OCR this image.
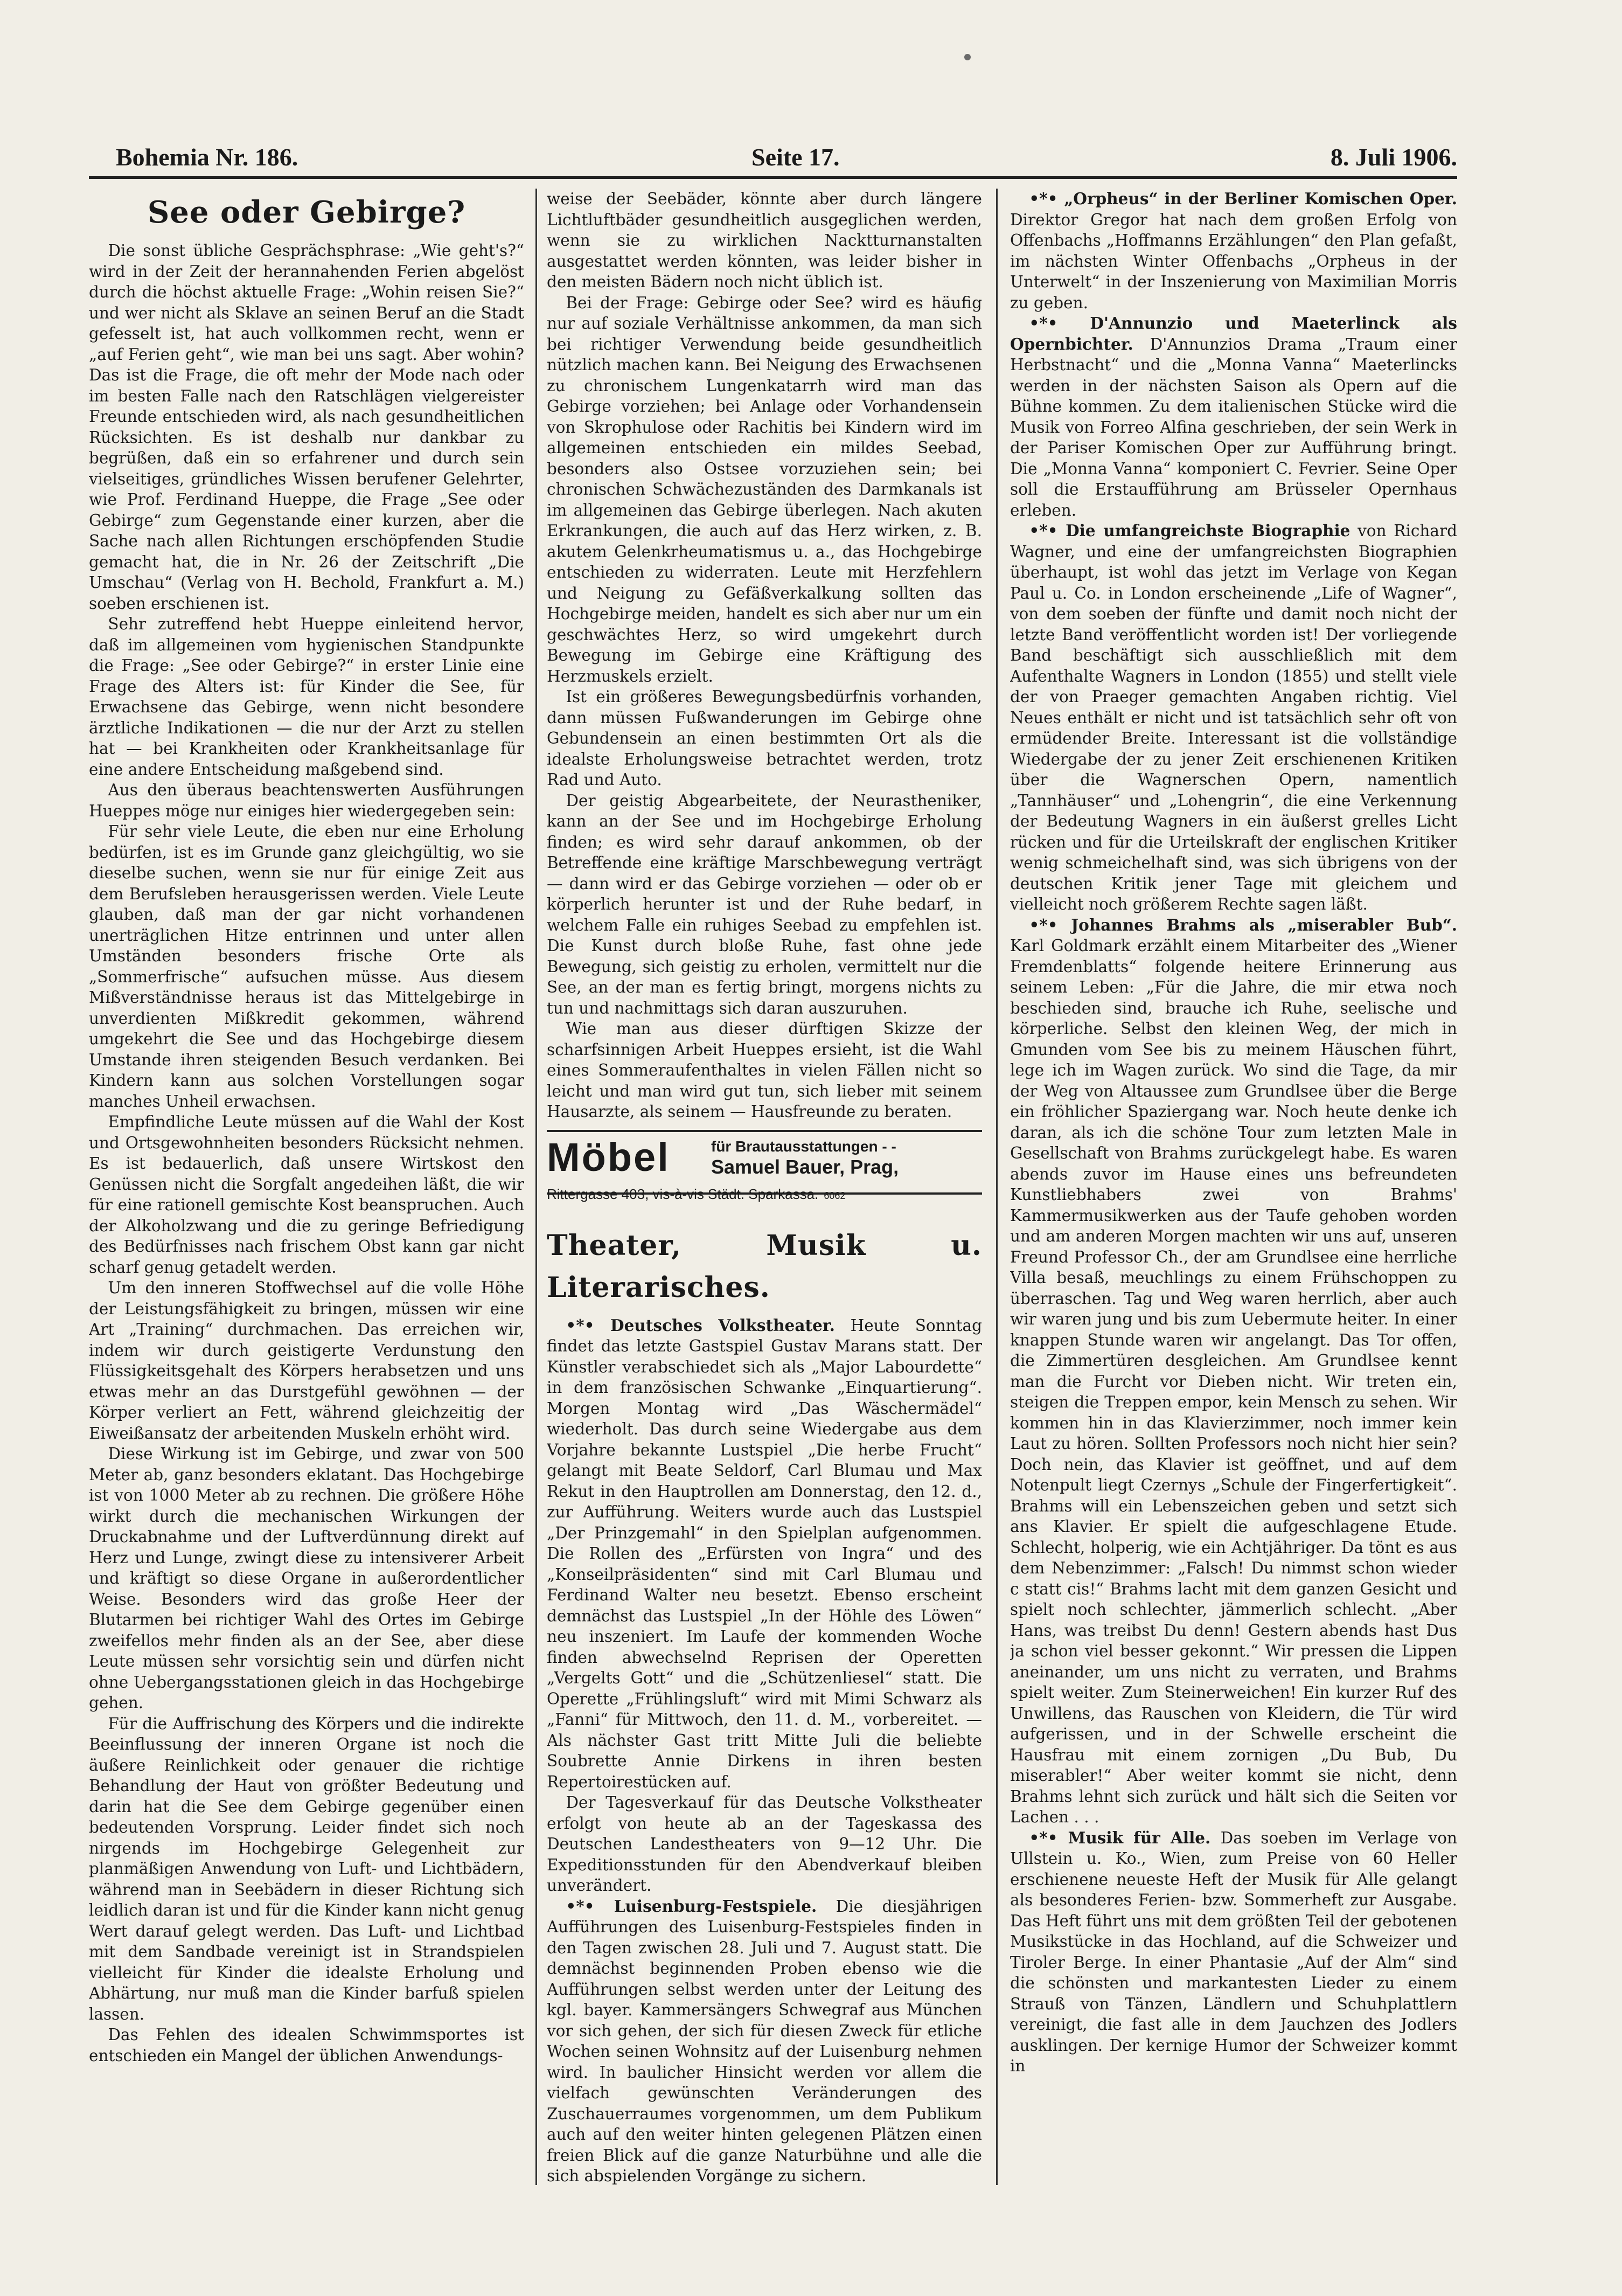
Bohemia Nr. 186.	Seite 17.	8. Juli 1906.
See oder Gebirge?

Die sonst übliche Gesprächsphrase: „Wie geht's?“ wird in der Zeit der herannahenden Ferien abgelöst durch die höchst aktuelle Frage: „Wohin reisen Sie?“ und wer nicht als Sklave an seinen Beruf an die Stadt gefesselt ist, hat auch vollkommen recht, wenn er „auf Ferien geht“, wie man bei uns sagt. Aber wohin? Das ist die Frage, die oft mehr der Mode nach oder im besten Falle nach den Ratschlägen vielgereister Freunde entschieden wird, als nach gesundheitlichen Rücksichten. Es ist deshalb nur dankbar zu begrüßen, daß ein so erfahrener und durch sein vielseitiges, gründliches Wissen berufener Gelehrter, wie Prof. Ferdinand Hueppe, die Frage „See oder Gebirge“ zum Gegenstande einer kurzen, aber die Sache nach allen Richtungen erschöpfenden Studie gemacht hat, die in Nr. 26 der Zeitschrift „Die Umschau“ (Verlag von H. Bechold, Frankfurt a. M.) soeben erschienen ist.

Sehr zutreffend hebt Hueppe einleitend hervor, daß im allgemeinen vom hygienischen Standpunkte die Frage: „See oder Gebirge?“ in erster Linie eine Frage des Alters ist: für Kinder die See, für Erwachsene das Gebirge, wenn nicht besondere ärztliche Indikationen — die nur der Arzt zu stellen hat — bei Krankheiten oder Krankheitsanlage für eine andere Entscheidung maßgebend sind.

Aus den überaus beachtenswerten Ausführungen Hueppes möge nur einiges hier wiedergegeben sein:

Für sehr viele Leute, die eben nur eine Erholung bedürfen, ist es im Grunde ganz gleichgültig, wo sie dieselbe suchen, wenn sie nur für einige Zeit aus dem Berufsleben herausgerissen werden. Viele Leute glauben, daß man der gar nicht vorhandenen unerträglichen Hitze entrinnen und unter allen Umständen besonders frische Orte als „Sommerfrische“ aufsuchen müsse. Aus diesem Mißverständnisse heraus ist das Mittelgebirge in unverdienten Mißkredit gekommen, während umgekehrt die See und das Hochgebirge diesem Umstande ihren steigenden Besuch verdanken. Bei Kindern kann aus solchen Vorstellungen sogar manches Unheil erwachsen.

Empfindliche Leute müssen auf die Wahl der Kost und Ortsgewohnheiten besonders Rücksicht nehmen. Es ist bedauerlich, daß unsere Wirtskost den Genüssen nicht die Sorgfalt angedeihen läßt, die wir für eine rationell gemischte Kost beanspruchen. Auch der Alkoholzwang und die zu geringe Befriedigung des Bedürfnisses nach frischem Obst kann gar nicht scharf genug getadelt werden.

Um den inneren Stoffwechsel auf die volle Höhe der Leistungsfähigkeit zu bringen, müssen wir eine Art „Training“ durchmachen. Das erreichen wir, indem wir durch geistigerte Verdunstung den Flüssigkeitsgehalt des Körpers herabsetzen und uns etwas mehr an das Durstgefühl gewöhnen — der Körper verliert an Fett, während gleichzeitig der Eiweißansatz der arbeitenden Muskeln erhöht wird.

Diese Wirkung ist im Gebirge, und zwar von 500 Meter ab, ganz besonders eklatant. Das Hochgebirge ist von 1000 Meter ab zu rechnen. Die größere Höhe wirkt durch die mechanischen Wirkungen der Druckabnahme und der Luftverdünnung direkt auf Herz und Lunge, zwingt diese zu intensiverer Arbeit und kräftigt so diese Organe in außerordentlicher Weise. Besonders wird das große Heer der Blutarmen bei richtiger Wahl des Ortes im Gebirge zweifellos mehr finden als an der See, aber diese Leute müssen sehr vorsichtig sein und dürfen nicht ohne Uebergangsstationen gleich in das Hochgebirge gehen.

Für die Auffrischung des Körpers und die indirekte Beeinflussung der inneren Organe ist noch die äußere Reinlichkeit oder genauer die richtige Behandlung der Haut von größter Bedeutung und darin hat die See dem Gebirge gegenüber einen bedeutenden Vorsprung. Leider findet sich noch nirgends im Hochgebirge Gelegenheit zur planmäßigen Anwendung von Luft- und Lichtbädern, während man in Seebädern in dieser Richtung sich leidlich daran ist und für die Kinder kann nicht genug Wert darauf gelegt werden. Das Luft- und Lichtbad mit dem Sandbade vereinigt ist in Strandspielen vielleicht für Kinder die idealste Erholung und Abhärtung, nur muß man die Kinder barfuß spielen lassen.

Das Fehlen des idealen Schwimmsportes ist entschieden ein Mangel der üblichen Anwendungs-

weise der Seebäder, könnte aber durch längere Lichtluftbäder gesundheitlich ausgeglichen werden, wenn sie zu wirklichen Nacktturnanstalten ausgestattet werden könnten, was leider bisher in den meisten Bädern noch nicht üblich ist.

Bei der Frage: Gebirge oder See? wird es häufig nur auf soziale Verhältnisse ankommen, da man sich bei richtiger Verwendung beide gesundheitlich nützlich machen kann. Bei Neigung des Erwachsenen zu chronischem Lungenkatarrh wird man das Gebirge vorziehen; bei Anlage oder Vorhandensein von Skrophulose oder Rachitis bei Kindern wird im allgemeinen entschieden ein mildes Seebad, besonders also Ostsee vorzuziehen sein; bei chronischen Schwächezuständen des Darmkanals ist im allgemeinen das Gebirge überlegen. Nach akuten Erkrankungen, die auch auf das Herz wirken, z. B. akutem Gelenkrheumatismus u. a., das Hochgebirge entschieden zu widerraten. Leute mit Herzfehlern und Neigung zu Gefäßverkalkung sollten das Hochgebirge meiden, handelt es sich aber nur um ein geschwächtes Herz, so wird umgekehrt durch Bewegung im Gebirge eine Kräftigung des Herzmuskels erzielt.

Ist ein größeres Bewegungsbedürfnis vorhanden, dann müssen Fußwanderungen im Gebirge ohne Gebundensein an einen bestimmten Ort als die idealste Erholungsweise betrachtet werden, trotz Rad und Auto.

Der geistig Abgearbeitete, der Neurastheniker, kann an der See und im Hochgebirge Erholung finden; es wird sehr darauf ankommen, ob der Betreffende eine kräftige Marschbewegung verträgt — dann wird er das Gebirge vorziehen — oder ob er körperlich herunter ist und der Ruhe bedarf, in welchem Falle ein ruhiges Seebad zu empfehlen ist. Die Kunst durch bloße Ruhe, fast ohne jede Bewegung, sich geistig zu erholen, vermittelt nur die See, an der man es fertig bringt, morgens nichts zu tun und nachmittags sich daran auszuruhen.

Wie man aus dieser dürftigen Skizze der scharfsinnigen Arbeit Hueppes ersieht, ist die Wahl eines Sommeraufenthaltes in vielen Fällen nicht so leicht und man wird gut tun, sich lieber mit seinem Hausarzte, als seinem — Hausfreunde zu beraten.

Möbel	für Brautausstattungen - -
Samuel Bauer, Prag,
Rittergasse 403, vis-à-vis Städt. Sparkassa. 6062
Theater, Musik u. Literarisches.

•*• Deutsches Volkstheater. Heute Sonntag findet das letzte Gastspiel Gustav Marans statt. Der Künstler verabschiedet sich als „Major Labourdette“ in dem französischen Schwanke „Einquartierung“. Morgen Montag wird „Das Wäschermädel“ wiederholt. Das durch seine Wiedergabe aus dem Vorjahre bekannte Lustspiel „Die herbe Frucht“ gelangt mit Beate Seldorf, Carl Blumau und Max Rekut in den Hauptrollen am Donnerstag, den 12. d., zur Aufführung. Weiters wurde auch das Lustspiel „Der Prinzgemahl“ in den Spielplan aufgenommen. Die Rollen des „Erfürsten von Ingra“ und des „Konseilpräsidenten“ sind mit Carl Blumau und Ferdinand Walter neu besetzt. Ebenso erscheint demnächst das Lustspiel „In der Höhle des Löwen“ neu inszeniert. Im Laufe der kommenden Woche finden abwechselnd Reprisen der Operetten „Vergelts Gott“ und die „Schützenliesel“ statt. Die Operette „Frühlingsluft“ wird mit Mimi Schwarz als „Fanni“ für Mittwoch, den 11. d. M., vorbereitet. — Als nächster Gast tritt Mitte Juli die beliebte Soubrette Annie Dirkens in ihren besten Repertoirestücken auf.

Der Tagesverkauf für das Deutsche Volkstheater erfolgt von heute ab an der Tageskassa des Deutschen Landestheaters von 9—12 Uhr. Die Expeditionsstunden für den Abendverkauf bleiben unverändert.

•*• Luisenburg-Festspiele. Die diesjährigen Aufführungen des Luisenburg-Festspieles finden in den Tagen zwischen 28. Juli und 7. August statt. Die demnächst beginnenden Proben ebenso wie die Aufführungen selbst werden unter der Leitung des kgl. bayer. Kammersängers Schwegraf aus München vor sich gehen, der sich für diesen Zweck für etliche Wochen seinen Wohnsitz auf der Luisenburg nehmen wird. In baulicher Hinsicht werden vor allem die vielfach gewünschten Veränderungen des Zuschauerraumes vorgenommen, um dem Publikum auch auf den weiter hinten gelegenen Plätzen einen freien Blick auf die ganze Naturbühne und alle die sich abspielenden Vorgänge zu sichern.

•*• „Orpheus“ in der Berliner Komischen Oper. Direktor Gregor hat nach dem großen Erfolg von Offenbachs „Hoffmanns Erzählungen“ den Plan gefaßt, im nächsten Winter Offenbachs „Orpheus in der Unterwelt“ in der Inszenierung von Maximilian Morris zu geben.

•*• D'Annunzio und Maeterlinck als Opernbichter. D'Annunzios Drama „Traum einer Herbstnacht“ und die „Monna Vanna“ Maeterlincks werden in der nächsten Saison als Opern auf die Bühne kommen. Zu dem italienischen Stücke wird die Musik von Forreo Alfina geschrieben, der sein Werk in der Pariser Komischen Oper zur Aufführung bringt. Die „Monna Vanna“ komponiert C. Fevrier. Seine Oper soll die Erstaufführung am Brüsseler Opernhaus erleben.

•*• Die umfangreichste Biographie von Richard Wagner, und eine der umfangreichsten Biographien überhaupt, ist wohl das jetzt im Verlage von Kegan Paul u. Co. in London erscheinende „Life of Wagner“, von dem soeben der fünfte und damit noch nicht der letzte Band veröffentlicht worden ist! Der vorliegende Band beschäftigt sich ausschließlich mit dem Aufenthalte Wagners in London (1855) und stellt viele der von Praeger gemachten Angaben richtig. Viel Neues enthält er nicht und ist tatsächlich sehr oft von ermüdender Breite. Interessant ist die vollständige Wiedergabe der zu jener Zeit erschienenen Kritiken über die Wagnerschen Opern, namentlich „Tannhäuser“ und „Lohengrin“, die eine Verkennung der Bedeutung Wagners in ein äußerst grelles Licht rücken und für die Urteilskraft der englischen Kritiker wenig schmeichelhaft sind, was sich übrigens von der deutschen Kritik jener Tage mit gleichem und vielleicht noch größerem Rechte sagen läßt.

•*• Johannes Brahms als „miserabler Bub“. Karl Goldmark erzählt einem Mitarbeiter des „Wiener Fremdenblatts“ folgende heitere Erinnerung aus seinem Leben: „Für die Jahre, die mir etwa noch beschieden sind, brauche ich Ruhe, seelische und körperliche. Selbst den kleinen Weg, der mich in Gmunden vom See bis zu meinem Häuschen führt, lege ich im Wagen zurück. Wo sind die Tage, da mir der Weg von Altaussee zum Grundlsee über die Berge ein fröhlicher Spaziergang war. Noch heute denke ich daran, als ich die schöne Tour zum letzten Male in Gesellschaft von Brahms zurückgelegt habe. Es waren abends zuvor im Hause eines uns befreundeten Kunstliebhabers zwei von Brahms' Kammermusikwerken aus der Taufe gehoben worden und am anderen Morgen machten wir uns auf, unseren Freund Professor Ch., der am Grundlsee eine herrliche Villa besaß, meuchlings zu einem Frühschoppen zu überraschen. Tag und Weg waren herrlich, aber auch wir waren jung und bis zum Uebermute heiter. In einer knappen Stunde waren wir angelangt. Das Tor offen, die Zimmertüren desgleichen. Am Grundlsee kennt man die Furcht vor Dieben nicht. Wir treten ein, steigen die Treppen empor, kein Mensch zu sehen. Wir kommen hin in das Klavierzimmer, noch immer kein Laut zu hören. Sollten Professors noch nicht hier sein? Doch nein, das Klavier ist geöffnet, und auf dem Notenpult liegt Czernys „Schule der Fingerfertigkeit“. Brahms will ein Lebenszeichen geben und setzt sich ans Klavier. Er spielt die aufgeschlagene Etude. Schlecht, holperig, wie ein Achtjähriger. Da tönt es aus dem Nebenzimmer: „Falsch! Du nimmst schon wieder c statt cis!“ Brahms lacht mit dem ganzen Gesicht und spielt noch schlechter, jämmerlich schlecht. „Aber Hans, was treibst Du denn! Gestern abends hast Dus ja schon viel besser gekonnt.“ Wir pressen die Lippen aneinander, um uns nicht zu verraten, und Brahms spielt weiter. Zum Steinerweichen! Ein kurzer Ruf des Unwillens, das Rauschen von Kleidern, die Tür wird aufgerissen, und in der Schwelle erscheint die Hausfrau mit einem zornigen „Du Bub, Du miserabler!“ Aber weiter kommt sie nicht, denn Brahms lehnt sich zurück und hält sich die Seiten vor Lachen . . .

•*• Musik für Alle. Das soeben im Verlage von Ullstein u. Ko., Wien, zum Preise von 60 Heller erschienene neueste Heft der Musik für Alle gelangt als besonderes Ferien- bzw. Sommerheft zur Ausgabe. Das Heft führt uns mit dem größten Teil der gebotenen Musikstücke in das Hochland, auf die Schweizer und Tiroler Berge. In einer Phantasie „Auf der Alm“ sind die schönsten und markantesten Lieder zu einem Strauß von Tänzen, Ländlern und Schuhplattlern vereinigt, die fast alle in dem Jauchzen des Jodlers ausklingen. Der kernige Humor der Schweizer kommt in
